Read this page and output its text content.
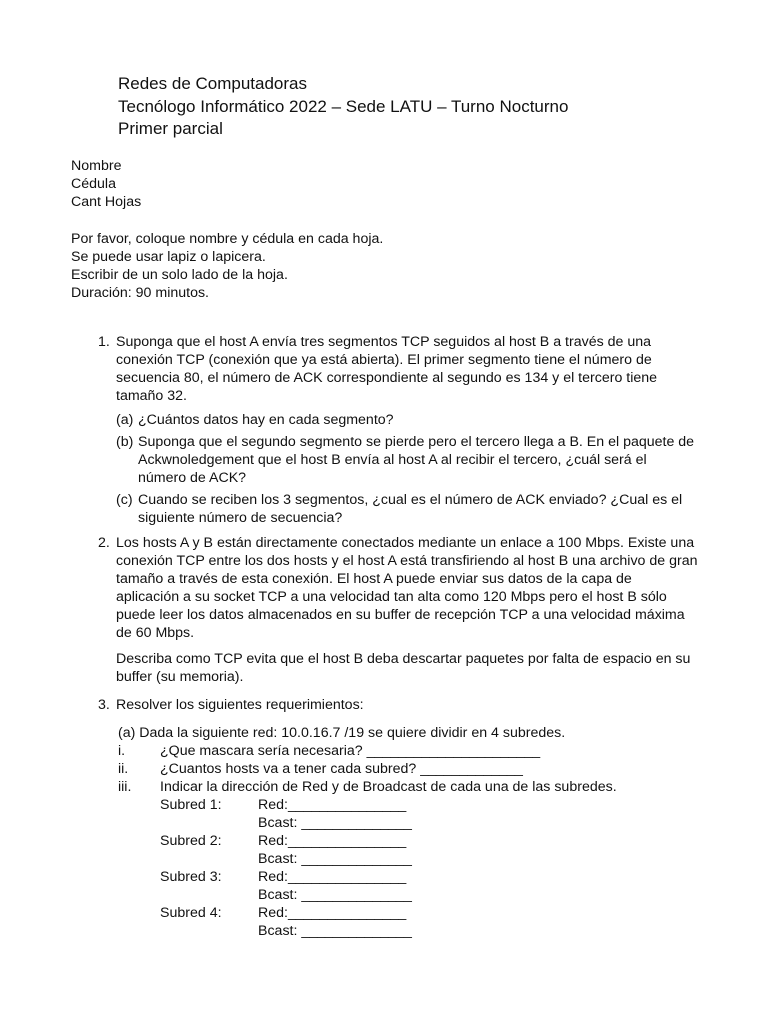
Redes de Computadoras
Tecnólogo Informático 2022 – Sede LATU – Turno Nocturno
Primer parcial
Nombre
Cédula
Cant Hojas
Por favor, coloque nombre y cédula en cada hoja.
Se puede usar lapiz o lapicera.
Escribir de un solo lado de la hoja.
Duración: 90 minutos.
1. Suponga que el host A envía tres segmentos TCP seguidos al host B a través de una conexión TCP (conexión que ya está abierta). El primer segmento tiene el número de secuencia 80, el número de ACK correspondiente al segundo es 134 y el tercero tiene tamaño 32.

(a) ¿Cuántos datos hay en cada segmento?
(b) Suponga que el segundo segmento se pierde pero el tercero llega a B. En el paquete de Ackwnoledgement que el host B envía al host A al recibir el tercero, ¿cuál será el número de ACK?
(c) Cuando se reciben los 3 segmentos, ¿cual es el número de ACK enviado? ¿Cual es el siguiente número de secuencia?
2. Los hosts A y B están directamente conectados mediante un enlace a 100 Mbps. Existe una conexión TCP entre los dos hosts y el host A está transfiriendo al host B una archivo de gran tamaño a través de esta conexión. El host A puede enviar sus datos de la capa de aplicación a su socket TCP a una velocidad tan alta como 120 Mbps pero el host B sólo puede leer los datos almacenados en su buffer de recepción TCP a una velocidad máxima de 60 Mbps.

Describa como TCP evita que el host B deba descartar paquetes por falta de espacio en su buffer (su memoria).

3. Resolver los siguientes requerimientos:

(a) Dada la siguiente red: 10.0.16.7 /19 se quiere dividir en 4 subredes.
i. ¿Que mascara sería necesaria? ______________________
ii. ¿Cuantos hosts va a tener cada subred? _____________
iii. Indicar la dirección de Red y de Broadcast de cada una de las subredes.
Subred 1:	Red:_______________
Bcast: ______________
Subred 2:	Red:_______________
Bcast: ______________
Subred 3:	Red:_______________
Bcast: ______________
Subred 4:	Red:_______________
Bcast: ______________
